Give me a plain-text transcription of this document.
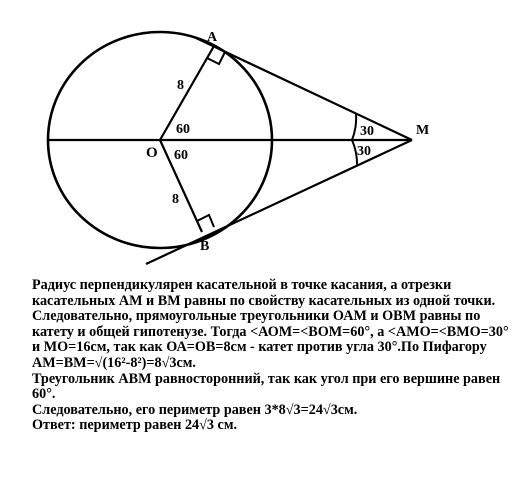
A
B
O
M
8
8
60
60
30
30

Радиус перпендикулярен касательной в точке касания, а отрезки касательных АМ и ВМ равны по свойству касательных из одной точки. Следовательно, прямоугольные треугольники ОАМ и ОВМ равны по катету и общей гипотенузе. Тогда <АОМ=<ВОМ=60°, а <АМО=<ВМО=30° и МО=16см, так как ОА=ОВ=8см - катет против угла 30°.По Пифагору АМ=ВМ=√(16²-8²)=8√3см.

Треугольник АВМ равносторонний, так как угол при его вершине равен 60°.

Следовательно, его периметр равен 3*8√3=24√3см.

Ответ: периметр равен 24√3 см.
